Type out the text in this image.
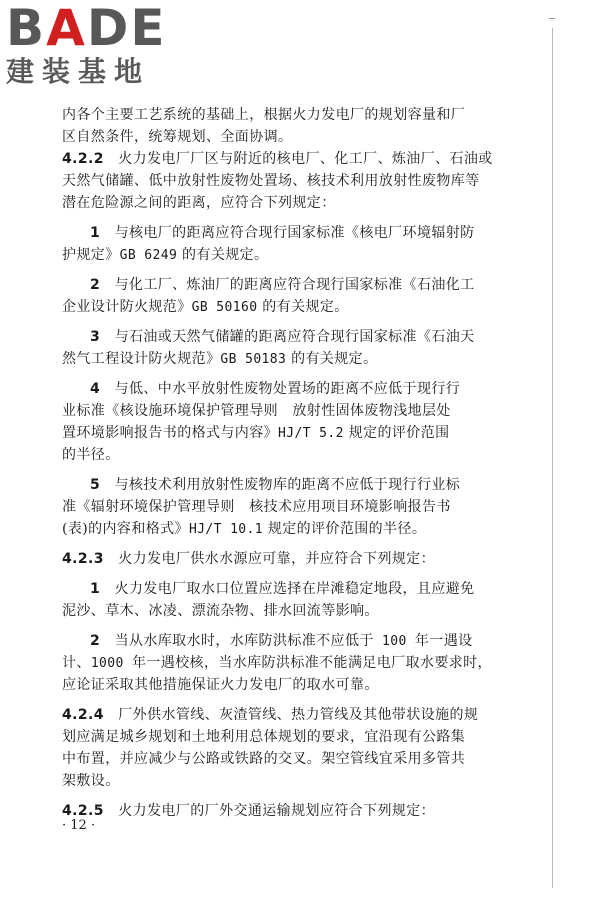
BADE
建装基地
内各个主要工艺系统的基础上，根据火力发电厂的规划容量和厂
区自然条件，统筹规划、全面协调。
4.2.2　 火力发电厂厂区与附近的核电厂、化工厂、炼油厂、石油或
天然气储罐、低中放射性废物处置场、核技术利用放射性废物库等
潜在危险源之间的距离，应符合下列规定：
1　 与核电厂的距离应符合现行国家标准《核电厂环境辐射防
护规定》GB 6249 的有关规定。
2　 与化工厂、炼油厂的距离应符合现行国家标准《石油化工
企业设计防火规范》GB 50160 的有关规定。
3　 与石油或天然气储罐的距离应符合现行国家标准《石油天
然气工程设计防火规范》GB 50183 的有关规定。
4　 与低、中水平放射性废物处置场的距离不应低于现行行
业标准《核设施环境保护管理导则　放射性固体废物浅地层处
置环境影响报告书的格式与内容》HJ/T 5.2 规定的评价范围
的半径。
5　 与核技术利用放射性废物库的距离不应低于现行行业标
准《辐射环境保护管理导则　核技术应用项目环境影响报告书
(表)的内容和格式》HJ/T 10.1 规定的评价范围的半径。
4.2.3　 火力发电厂供水水源应可靠，并应符合下列规定：
1　 火力发电厂取水口位置应选择在岸滩稳定地段，且应避免
泥沙、草木、冰凌、漂流杂物、排水回流等影响。
2　 当从水库取水时，水库防洪标准不应低于 100 年一遇设
计、1000 年一遇校核，当水库防洪标准不能满足电厂取水要求时，
应论证采取其他措施保证火力发电厂的取水可靠。
4.2.4　 厂外供水管线、灰渣管线、热力管线及其他带状设施的规
划应满足城乡规划和土地利用总体规划的要求，宜沿现有公路集
中布置，并应减少与公路或铁路的交叉。架空管线宜采用多管共
架敷设。
4.2.5　 火力发电厂的厂外交通运输规划应符合下列规定：
· 12 ·
